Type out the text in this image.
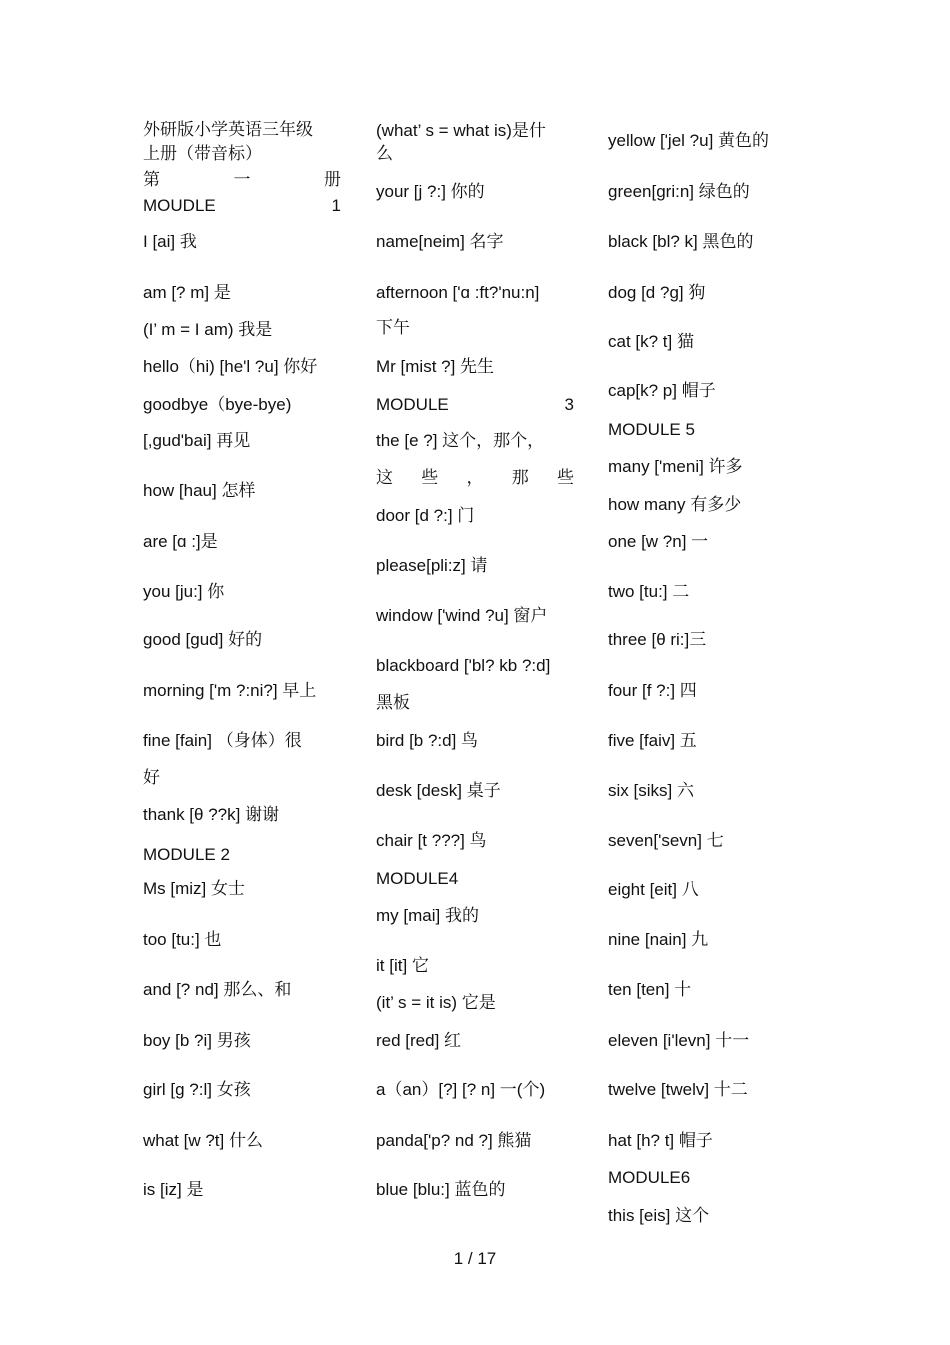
外研版小学英语三年级
上册（带音标）
第	一	册
MOUDLE	1
I [ai] 我
am [? m] 是
(I’ m = I am) 我是
hello（hi) [he'l ?u] 你好
goodbye（bye-bye)
[,gud'bai] 再见
how [hau] 怎样
are [ɑ :]是
you [ju:] 你
good [gud] 好的
morning ['m ?:ni?] 早上
fine [fain] （身体）很
好
thank [θ ??k] 谢谢
MODULE 2
Ms [miz] 女士
too [tu:] 也
and [? nd] 那么、和
boy [b ?i] 男孩
girl [g ?:l] 女孩
what [w ?t] 什么
is [iz] 是
(what’ s = what is)是什
么
your [j ?:] 你的
name[neim] 名字
afternoon ['ɑ :ft?'nu:n]
下午
Mr [mist ?] 先生
MODULE	3
the [e ?] 这个，那个，
这 些 ， 那 些
door [d ?:] 门
please[pli:z] 请
window ['wind ?u] 窗户
blackboard ['bl? kb ?:d]
黑板
bird [b ?:d] 鸟
desk [desk] 桌子
chair [t ???] 鸟
MODULE4
my [mai] 我的
it [it] 它
(it’ s = it is) 它是
red [red] 红
a（an）[?] [? n] 一(个)
panda['p? nd ?] 熊猫
blue [blu:] 蓝色的
yellow ['jel ?u] 黄色的
green[gri:n] 绿色的
black [bl? k] 黑色的
dog [d ?g] 狗
cat [k? t] 猫
cap[k? p] 帽子
MODULE 5
many ['meni] 许多
how many 有多少
one [w ?n] 一
two [tu:] 二
three [θ ri:]三
four [f ?:] 四
five [faiv] 五
six [siks] 六
seven['sevn] 七
eight [eit] 八
nine [nain] 九
ten [ten] 十
eleven [i'levn] 十一
twelve [twelv] 十二
hat [h? t] 帽子
MODULE6
this [eis] 这个
1 / 17
